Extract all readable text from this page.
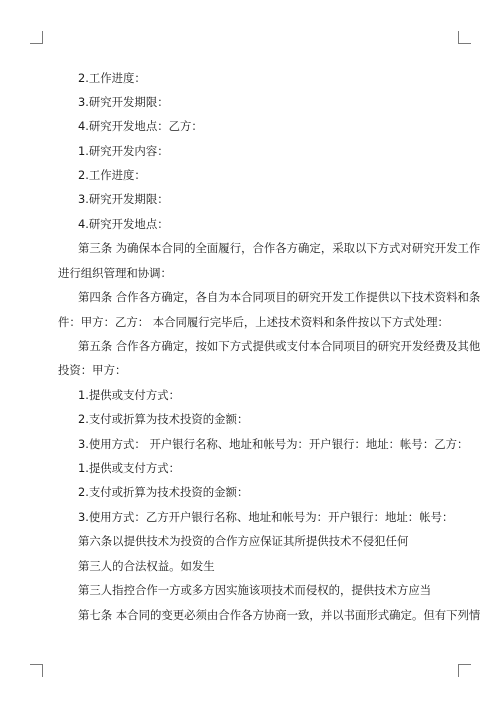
2.工作进度：
3.研究开发期限：
4.研究开发地点：乙方：
1.研究开发内容：
2.工作进度：
3.研究开发期限：
4.研究开发地点：
第三条 为确保本合同的全面履行，合作各方确定，采取以下方式对研究开发工作
进行组织管理和协调：
第四条 合作各方确定，各自为本合同项目的研究开发工作提供以下技术资料和条
件：甲方：乙方： 本合同履行完毕后，上述技术资料和条件按以下方式处理：
第五条 合作各方确定，按如下方式提供或支付本合同项目的研究开发经费及其他
投资：甲方：
1.提供或支付方式：
2.支付或折算为技术投资的金额：
3.使用方式： 开户银行名称、地址和帐号为：开户银行：地址：帐号：乙方：
1.提供或支付方式：
2.支付或折算为技术投资的金额：
3.使用方式：乙方开户银行名称、地址和帐号为：开户银行：地址：帐号：
第六条以提供技术为投资的合作方应保证其所提供技术不侵犯任何
第三人的合法权益。如发生
第三人指控合作一方或多方因实施该项技术而侵权的，提供技术方应当
第七条 本合同的变更必须由合作各方协商一致，并以书面形式确定。但有下列情
